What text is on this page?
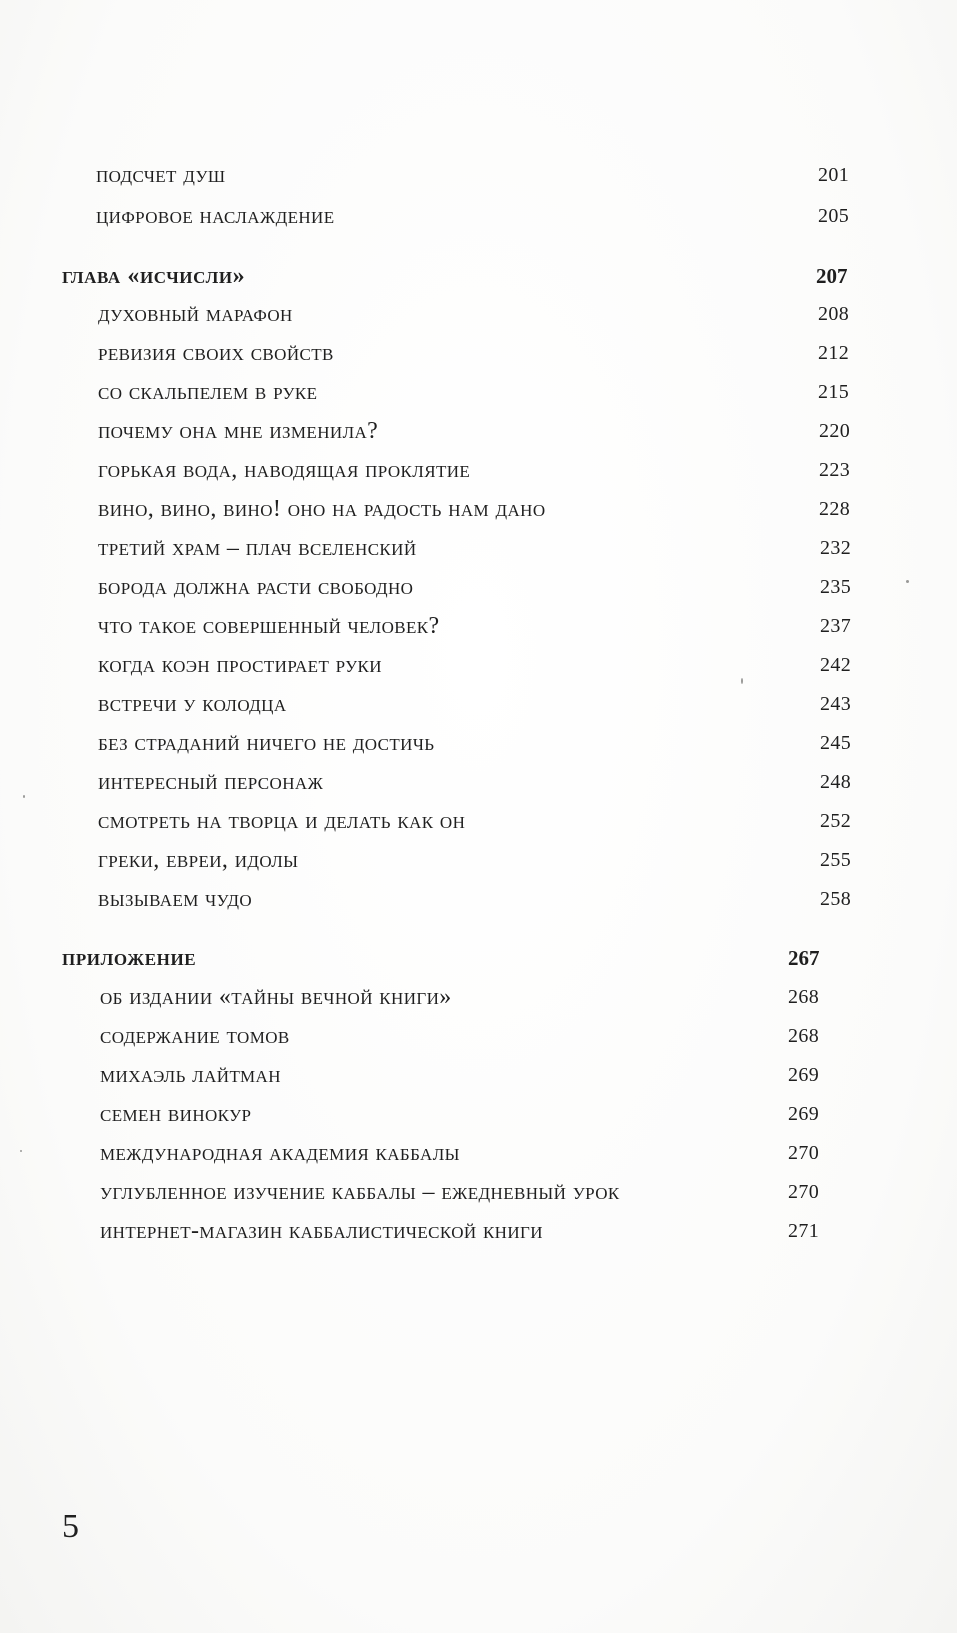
подсчет душ	201
цифровое наслаждение	205
глава «исчисли»	207
духовный марафон	208
ревизия своих свойств	212
со скальпелем в руке	215
почему она мне изменила?	220
горькая вода, наводящая проклятие	223
вино, вино, вино! оно на радость нам дано	228
третий храм – плач вселенский	232
борода должна расти свободно	235
что такое совершенный человек?	237
когда коэн простирает руки	242
встречи у колодца	243
без страданий ничего не достичь	245
интересный персонаж	248
смотреть на творца и делать как он	252
греки, евреи, идолы	255
вызываем чудо	258
приложение	267
об издании «тайны вечной книги»	268
содержание томов	268
михаэль лайтман	269
семен винокур	269
международная академия каббалы	270
углубленное изучение каббалы – ежедневный урок	270
интернет-магазин каббалистической книги	271
5
